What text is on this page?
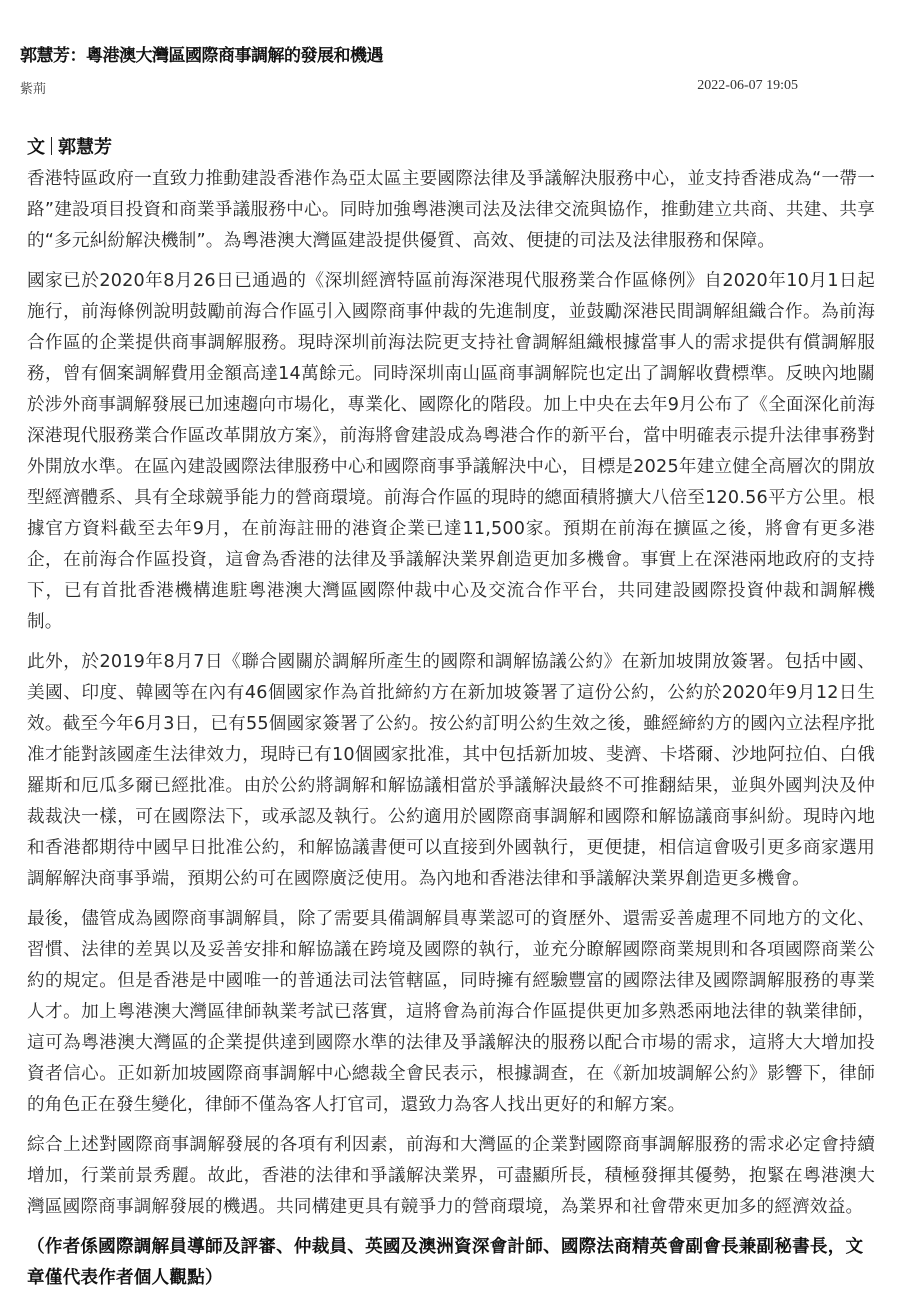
郭慧芳：粵港澳大灣區國際商事調解的發展和機遇
紫荊	2022-06-07 19:05
文 郭慧芳

香港特區政府一直致力推動建設香港作為亞太區主要國際法律及爭議解決服務中心，並支持香港成為“一帶一路”建設項目投資和商業爭議服務中心。同時加強粵港澳司法及法律交流與協作，推動建立共商、共建、共享的“多元糾紛解決機制”。為粵港澳大灣區建設提供優質、高效、便捷的司法及法律服務和保障。

國家已於2020年8月26日已通過的《深圳經濟特區前海深港現代服務業合作區條例》自2020年10月1日起施行，前海條例說明鼓勵前海合作區引入國際商事仲裁的先進制度，並鼓勵深港民間調解組織合作。為前海合作區的企業提供商事調解服務。現時深圳前海法院更支持社會調解組織根據當事人的需求提供有償調解服務，曾有個案調解費用金額高達14萬餘元。同時深圳南山區商事調解院也定出了調解收費標準。反映內地關於涉外商事調解發展已加速趨向市場化，專業化、國際化的階段。加上中央在去年9月公布了《全面深化前海深港現代服務業合作區改革開放方案》，前海將會建設成為粵港合作的新平台，當中明確表示提升法律事務對外開放水準。在區內建設國際法律服務中心和國際商事爭議解決中心，目標是2025年建立健全高層次的開放型經濟體系、具有全球競爭能力的營商環境。前海合作區的現時的總面積將擴大八倍至120.56平方公里。根據官方資料截至去年9月，在前海註冊的港資企業已達11,500家。預期在前海在擴區之後，將會有更多港企，在前海合作區投資，這會為香港的法律及爭議解決業界創造更加多機會。事實上在深港兩地政府的支持下，已有首批香港機構進駐粵港澳大灣區國際仲裁中心及交流合作平台，共同建設國際投資仲裁和調解機制。

此外，於2019年8月7日《聯合國關於調解所產生的國際和調解協議公約》在新加坡開放簽署。包括中國、美國、印度、韓國等在內有46個國家作為首批締約方在新加坡簽署了這份公約，公約於2020年9月12日生效。截至今年6月3日，已有55個國家簽署了公約。按公約訂明公約生效之後，雖經締約方的國內立法程序批准才能對該國產生法律效力，現時已有10個國家批准，其中包括新加坡、斐濟、卡塔爾、沙地阿拉伯、白俄羅斯和厄瓜多爾已經批准。由於公約將調解和解協議相當於爭議解決最終不可推翻結果，並與外國判決及仲裁裁決一樣，可在國際法下，或承認及執行。公約適用於國際商事調解和國際和解協議商事糾紛。現時內地和香港都期待中國早日批准公約，和解協議書便可以直接到外國執行，更便捷，相信這會吸引更多商家選用調解解決商事爭端，預期公約可在國際廣泛使用。為內地和香港法律和爭議解決業界創造更多機會。

最後，儘管成為國際商事調解員，除了需要具備調解員專業認可的資歷外、還需妥善處理不同地方的文化、習慣、法律的差異以及妥善安排和解協議在跨境及國際的執行，並充分瞭解國際商業規則和各項國際商業公約的規定。但是香港是中國唯一的普通法司法管轄區，同時擁有經驗豐富的國際法律及國際調解服務的專業人才。加上粵港澳大灣區律師執業考試已落實，這將會為前海合作區提供更加多熟悉兩地法律的執業律師，這可為粵港澳大灣區的企業提供達到國際水準的法律及爭議解決的服務以配合市場的需求，這將大大增加投資者信心。正如新加坡國際商事調解中心總裁全會民表示，根據調查，在《新加坡調解公約》影響下，律師的角色正在發生變化，律師不僅為客人打官司，還致力為客人找出更好的和解方案。

綜合上述對國際商事調解發展的各項有利因素，前海和大灣區的企業對國際商事調解服務的需求必定會持續增加，行業前景秀麗。故此，香港的法律和爭議解決業界，可盡顯所長，積極發揮其優勢，抱緊在粵港澳大灣區國際商事調解發展的機遇。共同構建更具有競爭力的營商環境，為業界和社會帶來更加多的經濟效益。

（作者係國際調解員導師及評審、仲裁員、英國及澳洲資深會計師、國際法商精英會副會長兼副秘書長，文章僅代表作者個人觀點）
